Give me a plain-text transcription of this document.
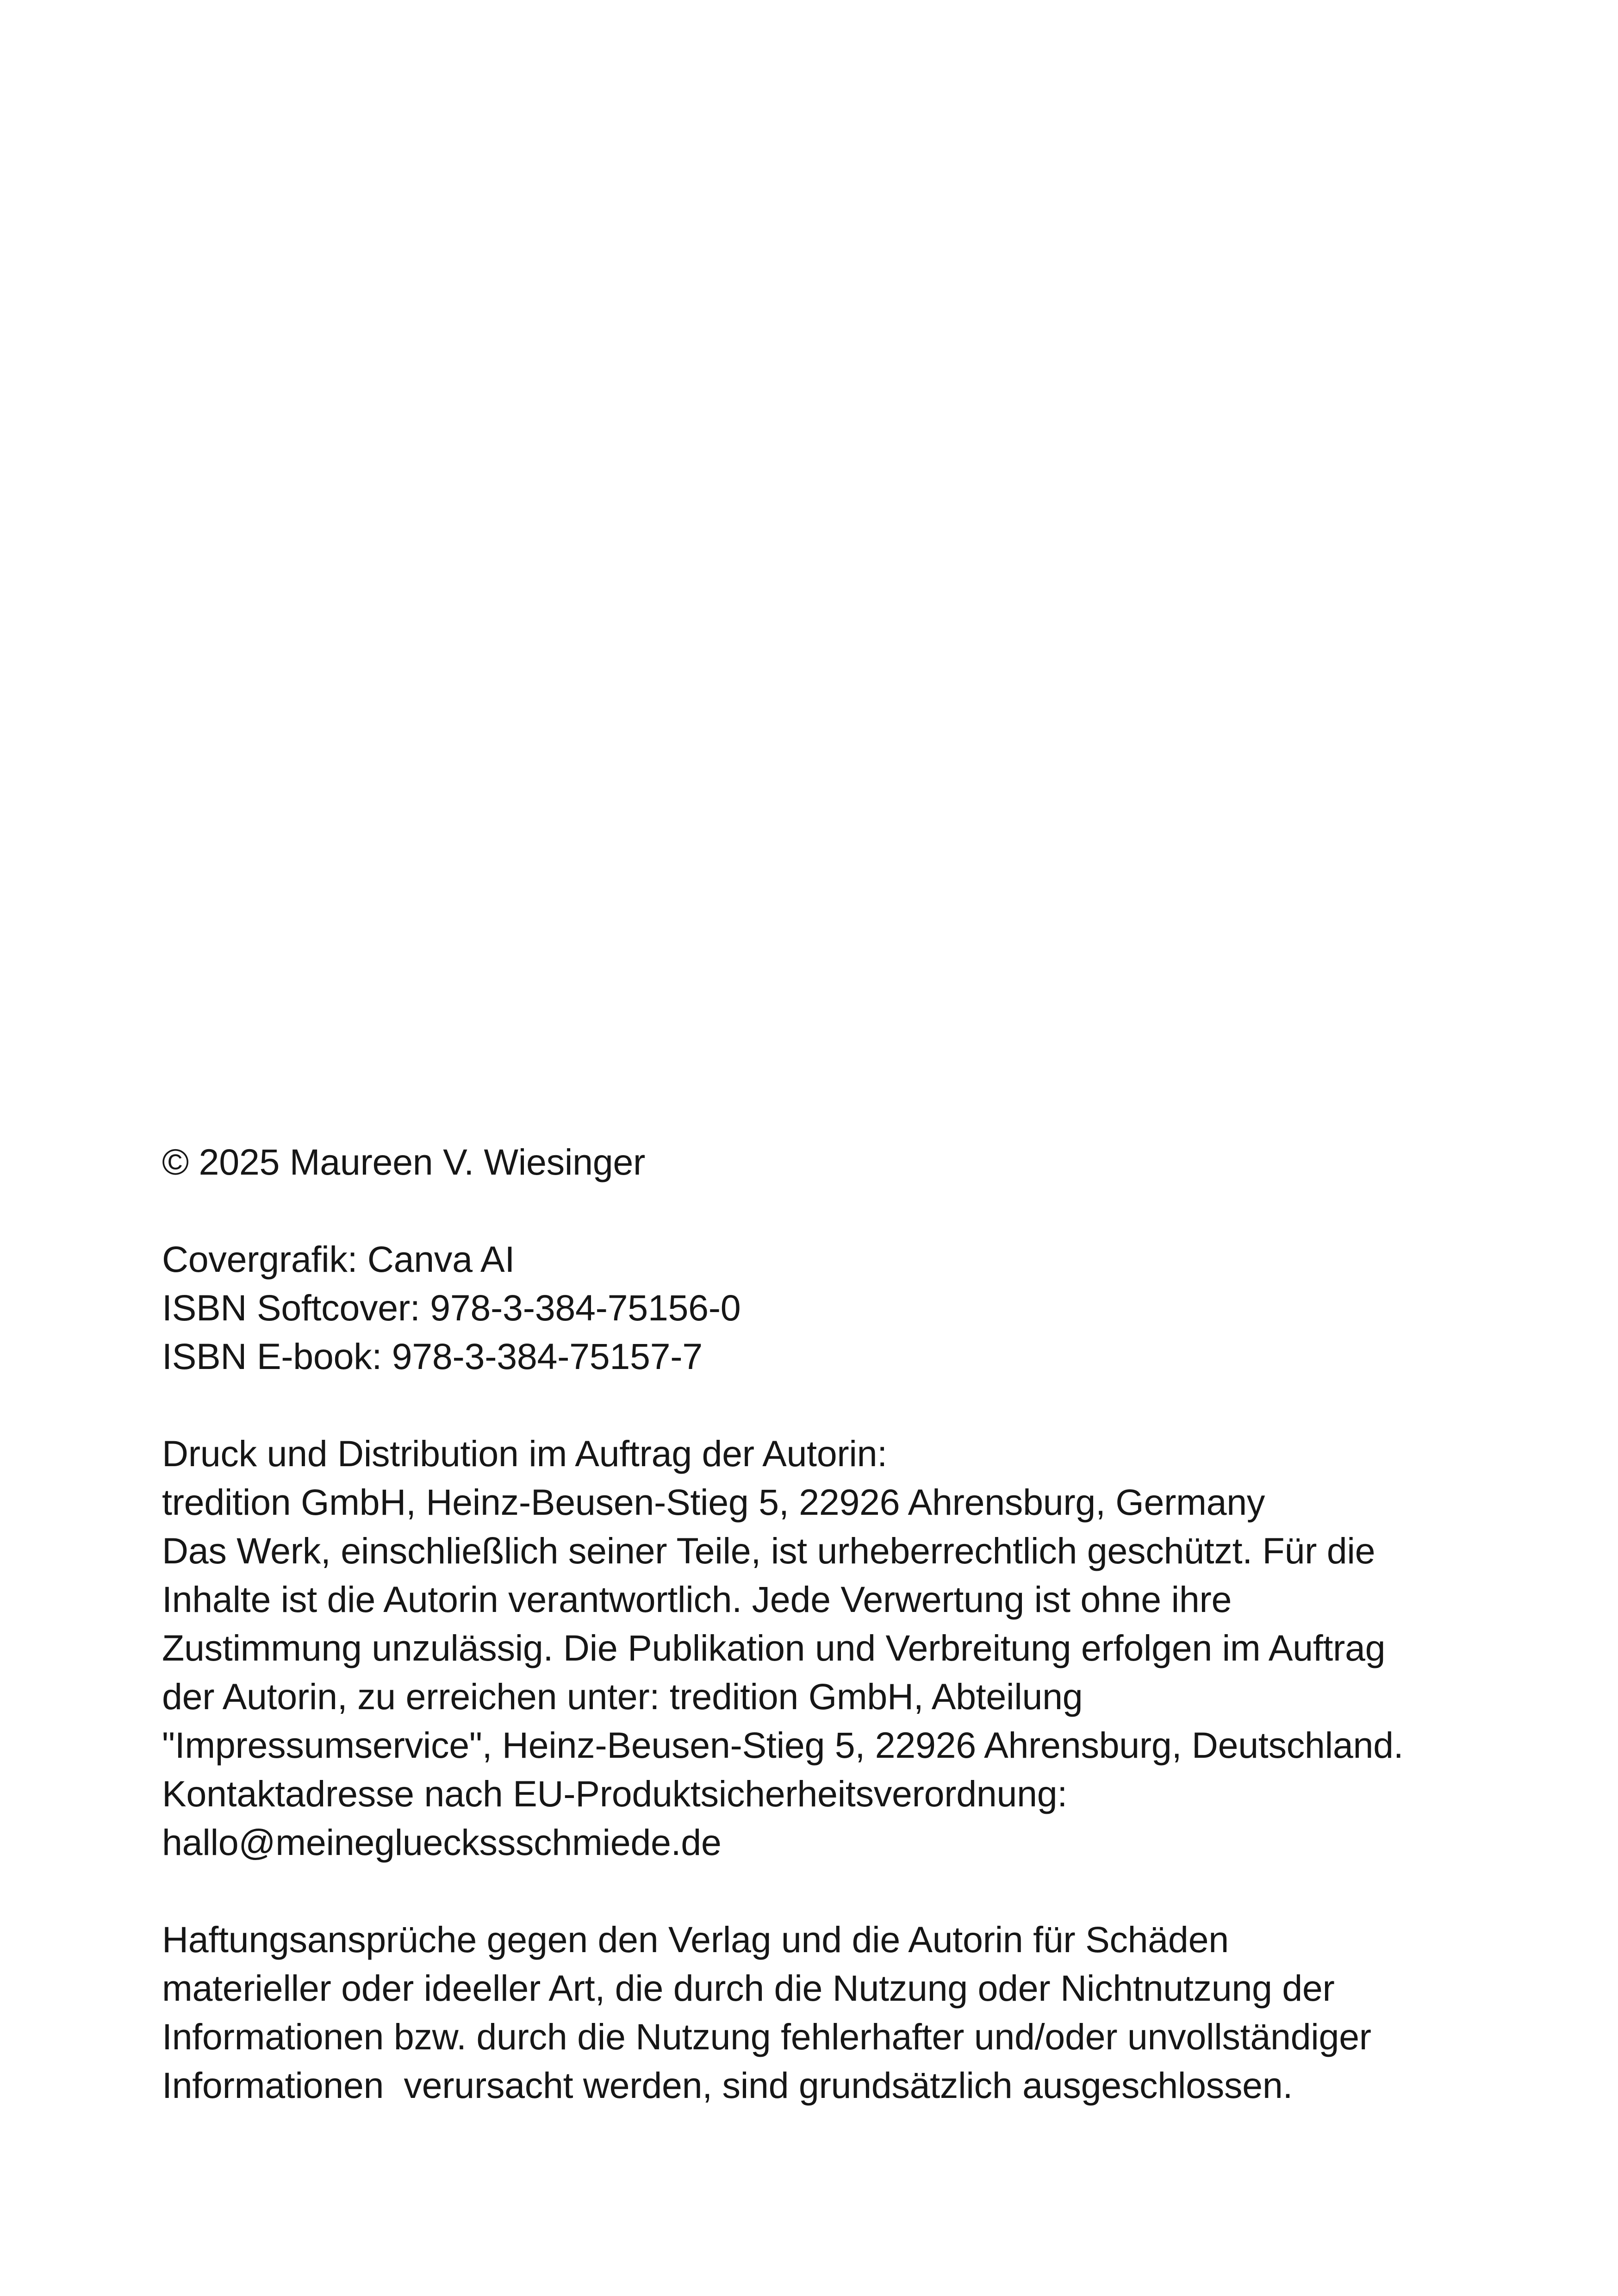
© 2025 Maureen V. Wiesinger
Covergrafik: Canva AI
ISBN Softcover: 978-3-384-75156-0
ISBN E-book: 978-3-384-75157-7
Druck und Distribution im Auftrag der Autorin:
tredition GmbH, Heinz-Beusen-Stieg 5, 22926 Ahrensburg, Germany
Das Werk, einschließlich seiner Teile, ist urheberrechtlich geschützt. Für die
Inhalte ist die Autorin verantwortlich. Jede Verwertung ist ohne ihre
Zustimmung unzulässig. Die Publikation und Verbreitung erfolgen im Auftrag
der Autorin, zu erreichen unter: tredition GmbH, Abteilung
"Impressumservice", Heinz-Beusen-Stieg 5, 22926 Ahrensburg, Deutschland.
Kontaktadresse nach EU-Produktsicherheitsverordnung:
hallo@meineglueckssschmiede.de
Haftungsansprüche gegen den Verlag und die Autorin für Schäden
materieller oder ideeller Art, die durch die Nutzung oder Nichtnutzung der
Informationen bzw. durch die Nutzung fehlerhafter und/oder unvollständiger
Informationen  verursacht werden, sind grundsätzlich ausgeschlossen.
